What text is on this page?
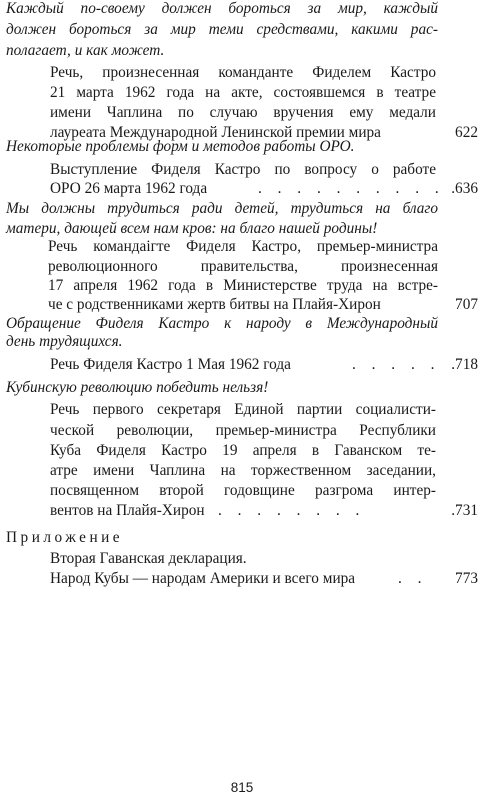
Каждый по-своему должен бороться за мир, каждый
должен бороться за мир теми средствами, какими рас-
полагает, и как может.
Речь, произнесенная команданте Фиделем Кастро
21 марта 1962 года на акте, состоявшемся в театре
имени Чаплина по случаю вручения ему медали
лауреата Международной Ленинской премии мира	622
Некоторые проблемы форм и методов работы ОРО.
Выступление Фиделя Кастро по вопросу о работе
ОРО 26 марта 1962 года	. . . . . . . . . . .636
Мы должны трудиться ради детей, трудиться на благо
матери, дающей всем нам кров: на благо нашей родины!
Речь командаiгте Фиделя Кастро, премьер-министра
революционного правительства, произнесенная
17 апреля 1962 года в Министерстве труда на встре-
че с родственниками жертв битвы на Плайя-Хирон	707
Обращение Фиделя Кастро к народу в Международный
день трудящихся.
Речь Фиделя Кастро 1 Мая 1962 года	. . . . . .718
Кубинскую революцию победить нельзя!
Речь первого секретаря Единой партии социалисти-
ческой революции, премьер-министра Республики
Куба Фиделя Кастро 19 апреля в Гаванском те-
атре имени Чаплина на торжественном заседании,
посвященном второй годовщине разгрома интер-
вентов на Плайя-Хирон . . . . . . . .	.731
Приложение
Вторая Гаванская декларация.
Народ Кубы — народам Америки и всего мира	. .	773
815
